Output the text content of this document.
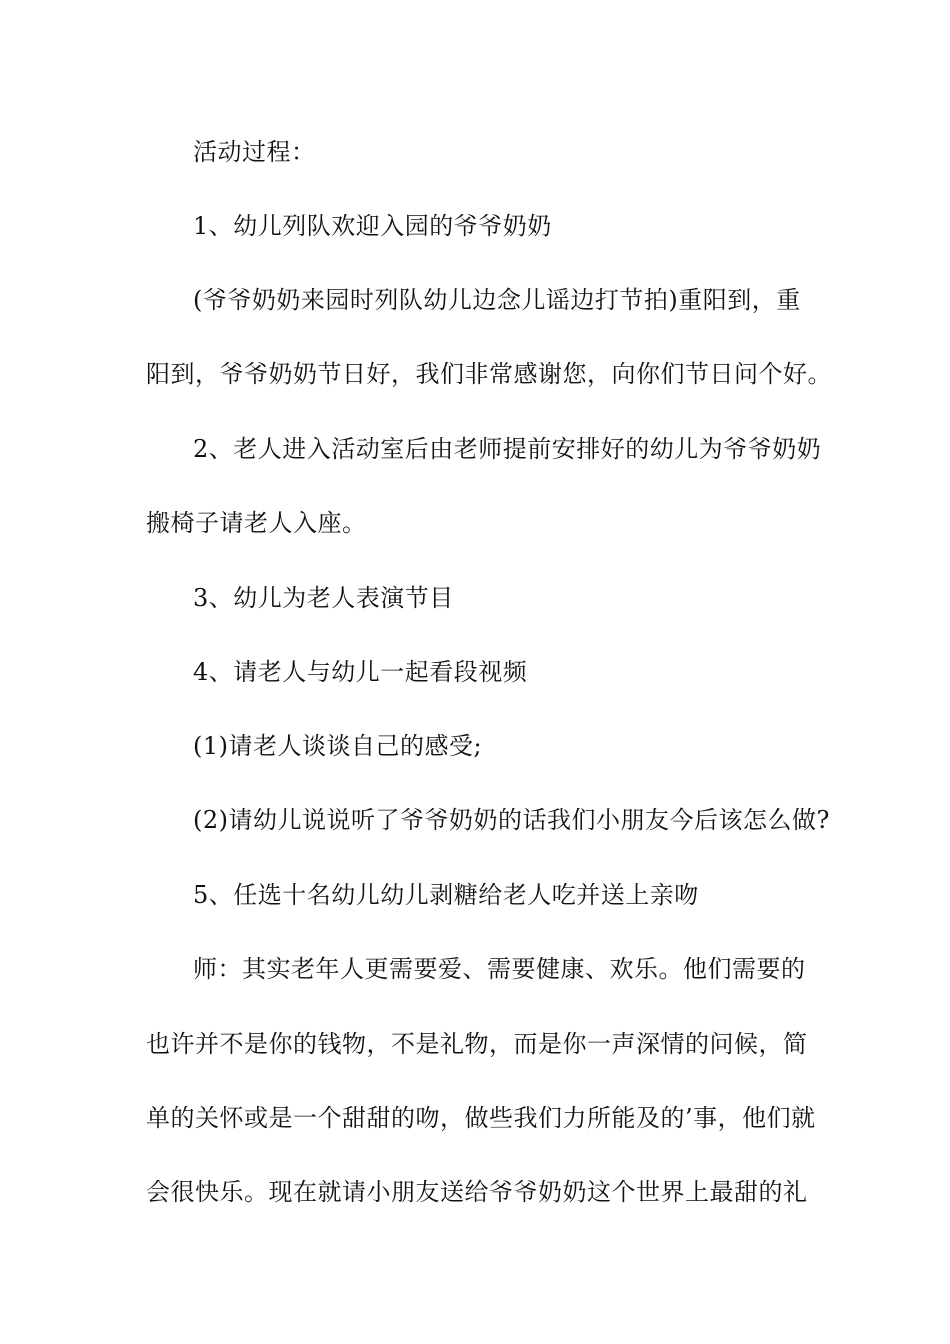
活动过程：
1、幼儿列队欢迎入园的爷爷奶奶
(爷爷奶奶来园时列队幼儿边念儿谣边打节拍)重阳到，重
阳到，爷爷奶奶节日好，我们非常感谢您，向你们节日问个好。
2、老人进入活动室后由老师提前安排好的幼儿为爷爷奶奶
搬椅子请老人入座。
3、幼儿为老人表演节目
4、请老人与幼儿一起看段视频
(1)请老人谈谈自己的感受;
(2)请幼儿说说听了爷爷奶奶的话我们小朋友今后该怎么做?
5、任选十名幼儿幼儿剥糖给老人吃并送上亲吻
师：其实老年人更需要爱、需要健康、欢乐。他们需要的
也许并不是你的钱物，不是礼物，而是你一声深情的问候，简
单的关怀或是一个甜甜的吻，做些我们力所能及的’事，他们就
会很快乐。现在就请小朋友送给爷爷奶奶这个世界上最甜的礼
